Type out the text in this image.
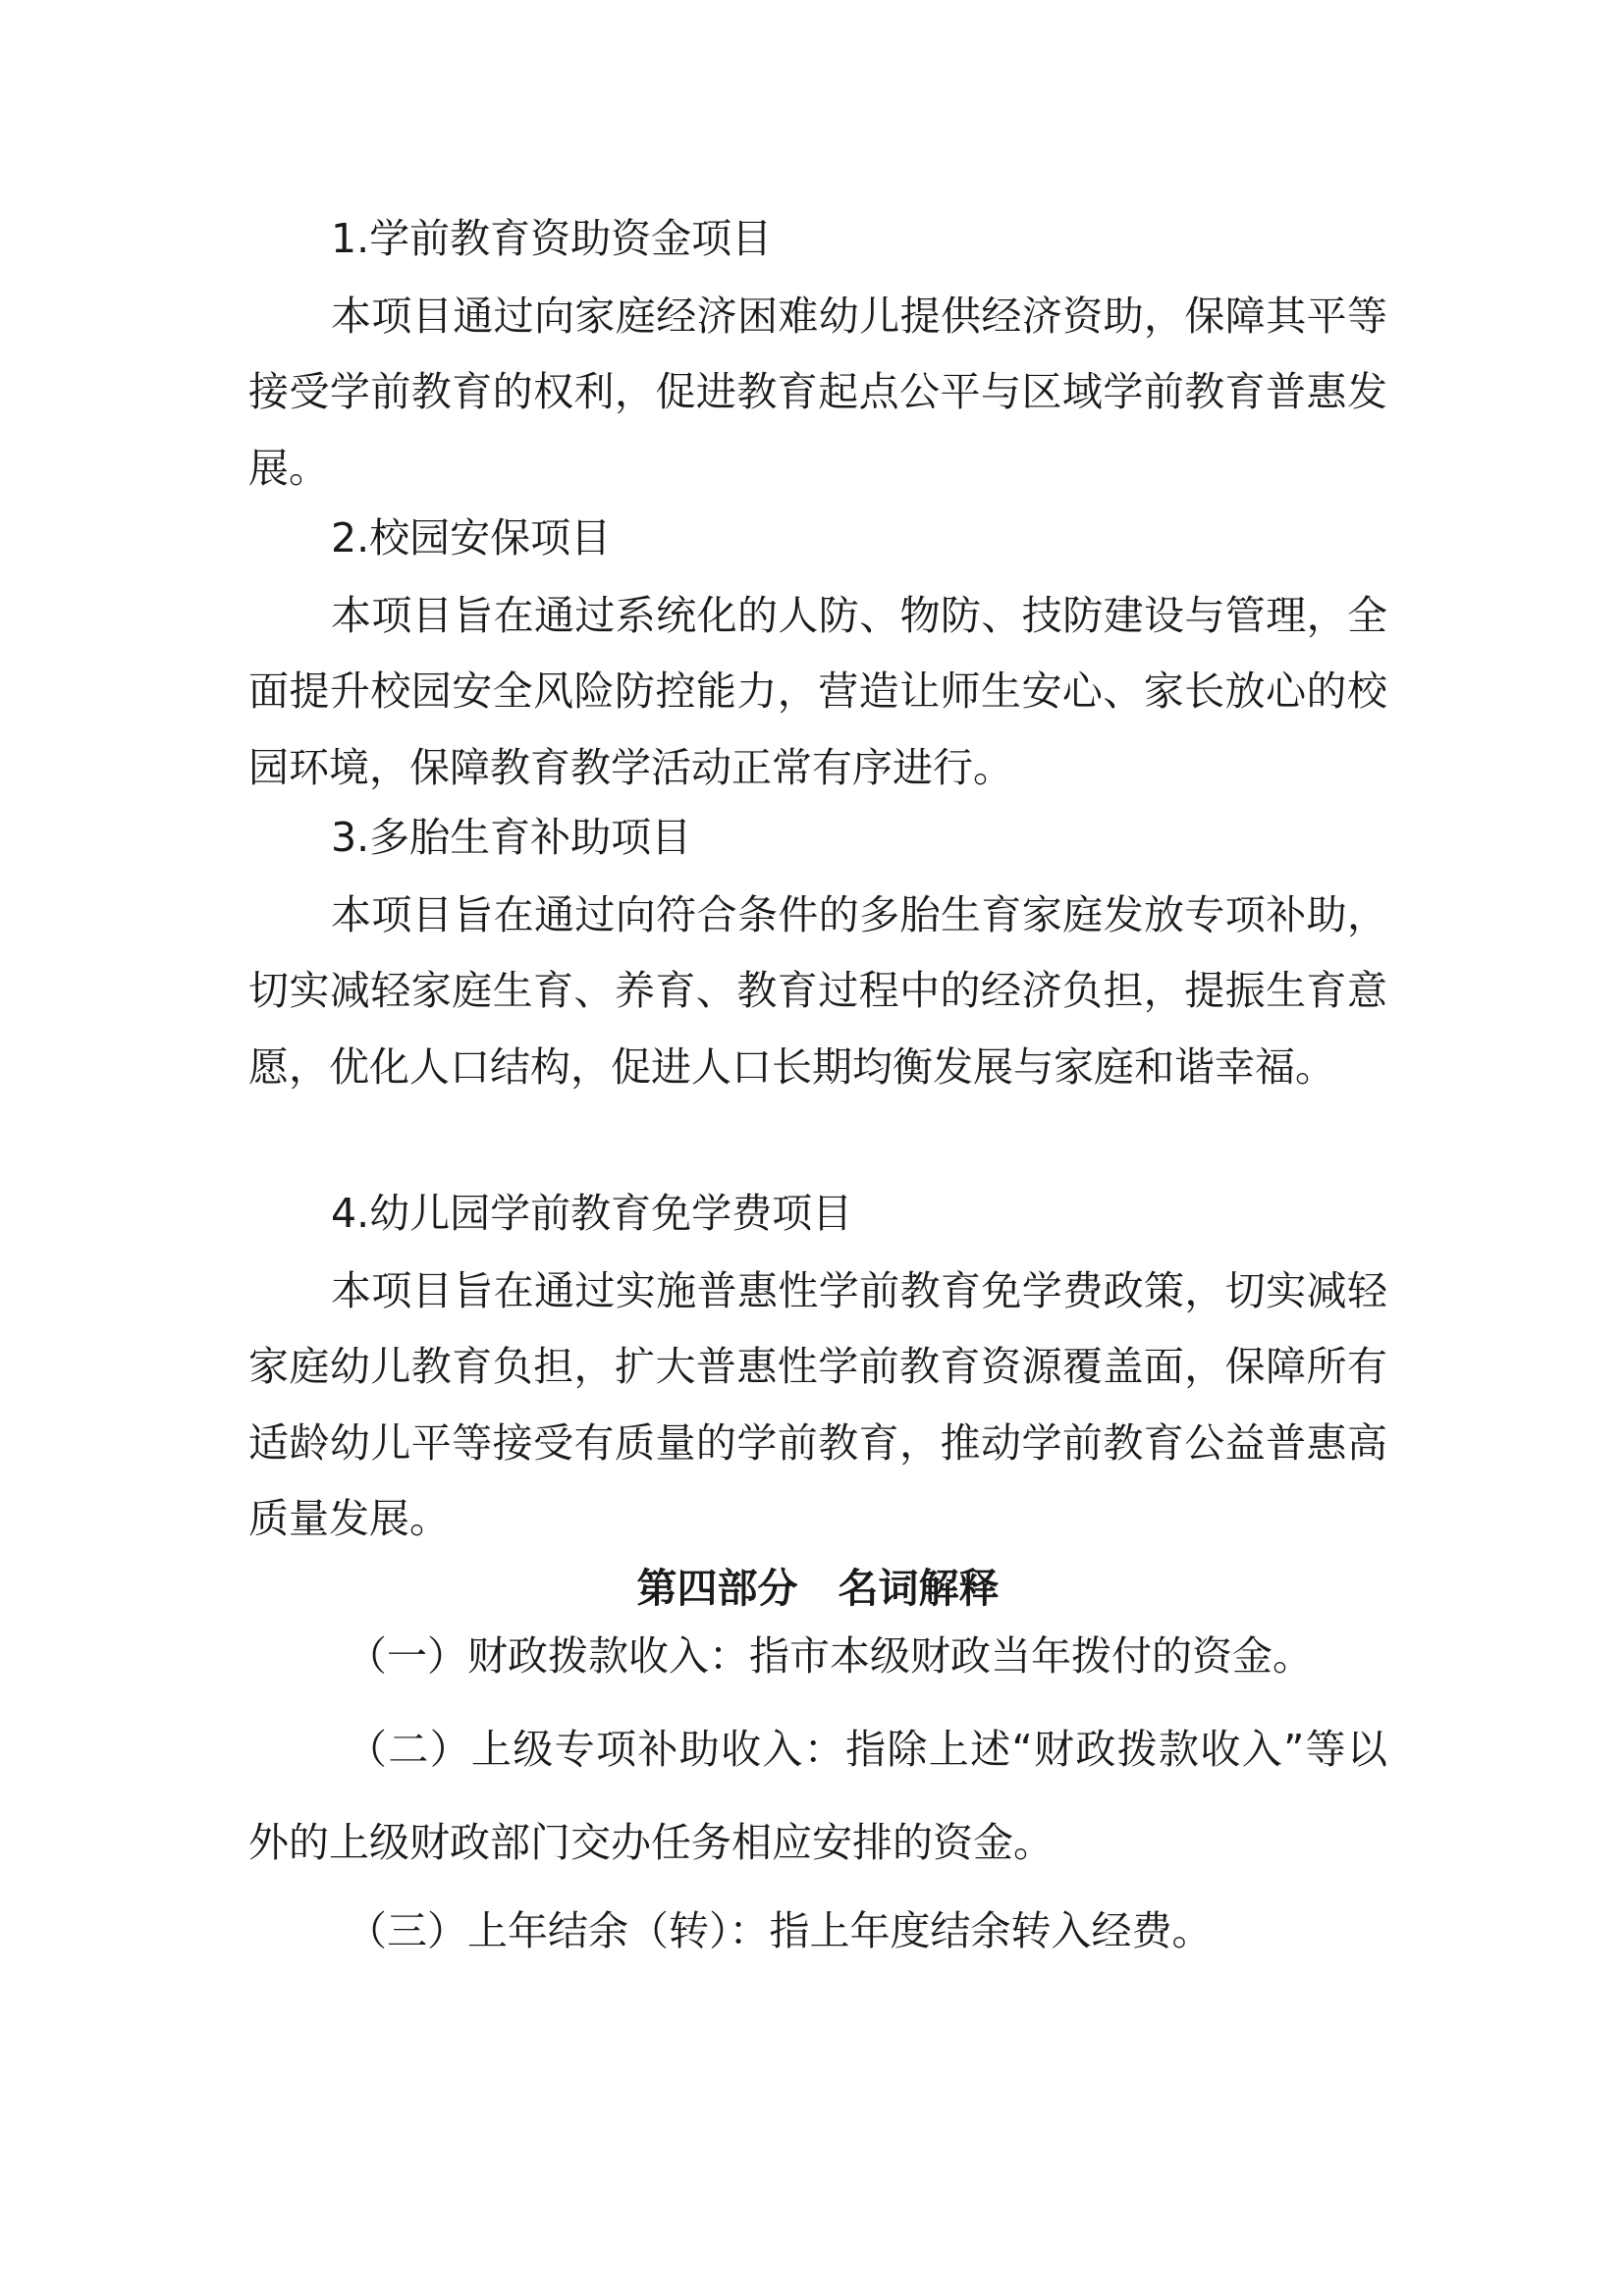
1.学前教育资助资金项目
本项目通过向家庭经济困难幼儿提供经济资助，保障其平等接受学前教育的权利，促进教育起点公平与区域学前教育普惠发展。
2.校园安保项目
本项目旨在通过系统化的人防、物防、技防建设与管理，全面提升校园安全风险防控能力，营造让师生安心、家长放心的校园环境，保障教育教学活动正常有序进行。
3.多胎生育补助项目
本项目旨在通过向符合条件的多胎生育家庭发放专项补助，切实减轻家庭生育、养育、教育过程中的经济负担，提振生育意愿，优化人口结构，促进人口长期均衡发展与家庭和谐幸福。
4.幼儿园学前教育免学费项目
本项目旨在通过实施普惠性学前教育免学费政策，切实减轻家庭幼儿教育负担，扩大普惠性学前教育资源覆盖面，保障所有适龄幼儿平等接受有质量的学前教育，推动学前教育公益普惠高质量发展。
第四部分　名词解释
（一）财政拨款收入：指市本级财政当年拨付的资金。
（二）上级专项补助收入：指除上述“财政拨款收入”等以外的上级财政部门交办任务相应安排的资金。
（三）上年结余（转）：指上年度结余转入经费。
